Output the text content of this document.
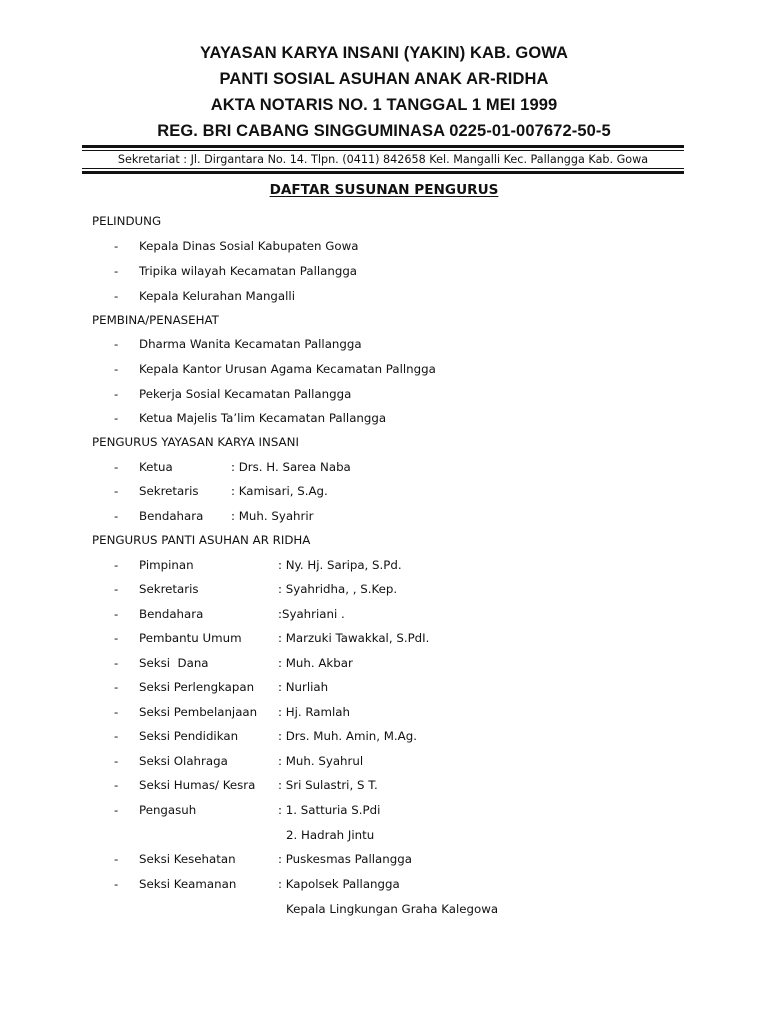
YAYASAN KARYA INSANI (YAKIN) KAB. GOWA
PANTI SOSIAL ASUHAN ANAK AR-RIDHA
AKTA NOTARIS NO. 1 TANGGAL 1 MEI 1999
REG. BRI CABANG SINGGUMINASA 0225-01-007672-50-5
Sekretariat : Jl. Dirgantara No. 14. Tlpn. (0411) 842658 Kel. Mangalli Kec. Pallangga Kab. Gowa
DAFTAR SUSUNAN PENGURUS
PELINDUNG
- Kepala Dinas Sosial Kabupaten Gowa
- Tripika wilayah Kecamatan Pallangga
- Kepala Kelurahan Mangalli
PEMBINA/PENASEHAT
- Dharma Wanita Kecamatan Pallangga
- Kepala Kantor Urusan Agama Kecamatan Pallngga
- Pekerja Sosial Kecamatan Pallangga
- Ketua Majelis Ta’lim Kecamatan Pallangga
PENGURUS YAYASAN KARYA INSANI
- Ketua	: Drs. H. Sarea Naba
- Sekretaris	: Kamisari, S.Ag.
- Bendahara : Muh. Syahrir
PENGURUS PANTI ASUHAN AR RIDHA
- Pimpinan	: Ny. Hj. Saripa, S.Pd.
- Sekretaris	: Syahridha, , S.Kep.
- Bendahara	:Syahriani .
- Pembantu Umum	: Marzuki Tawakkal, S.PdI.
- Seksi  Dana	: Muh. Akbar
- Seksi Perlengkapan : Nurliah
- Seksi Pembelanjaan : Hj. Ramlah
- Seksi Pendidikan	: Drs. Muh. Amin, M.Ag.
- Seksi Olahraga	: Muh. Syahrul
- Seksi Humas/ Kesra : Sri Sulastri, S T.
- Pengasuh	: 1. Satturia S.Pdi
2. Hadrah Jintu
- Seksi Kesehatan	: Puskesmas Pallangga
- Seksi Keamanan	: Kapolsek Pallangga
Kepala Lingkungan Graha Kalegowa
